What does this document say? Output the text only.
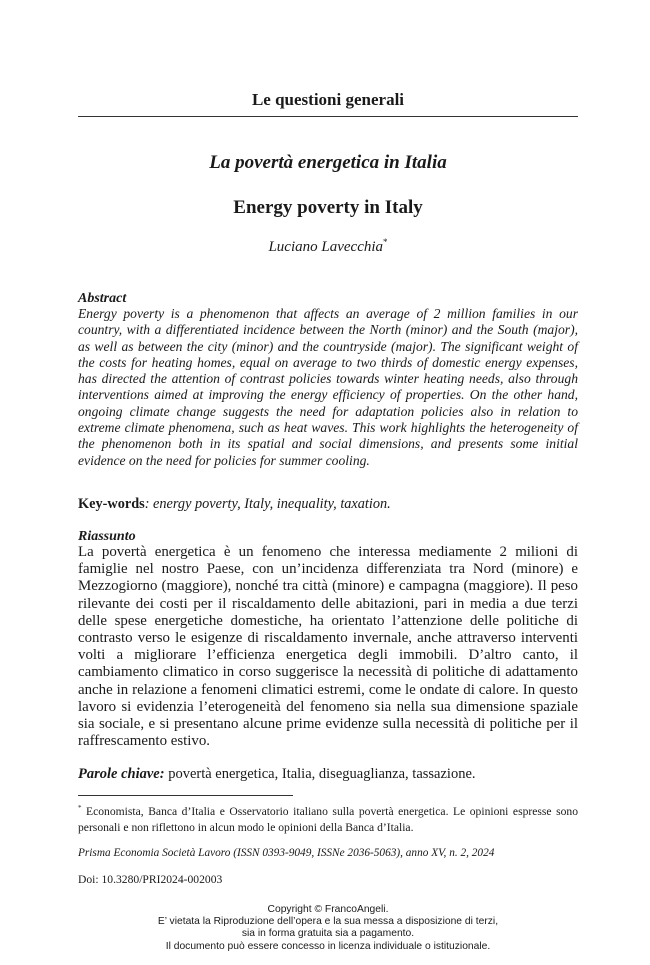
Le questioni generali
La povertà energetica in Italia
Energy poverty in Italy
Luciano Lavecchia*
Abstract
Energy poverty is a phenomenon that affects an average of 2 million families in our country, with a differentiated incidence between the North (minor) and the South (major), as well as between the city (minor) and the countryside (major). The significant weight of the costs for heating homes, equal on average to two thirds of domestic energy expenses, has directed the attention of contrast policies towards winter heating needs, also through interventions aimed at improving the energy efficiency of properties. On the other hand, ongoing climate change suggests the need for adaptation policies also in relation to extreme climate phenomena, such as heat waves. This work highlights the heterogeneity of the phenomenon both in its spatial and social dimensions, and presents some initial evidence on the need for policies for summer cooling.
Key-words: energy poverty, Italy, inequality, taxation.
Riassunto
La povertà energetica è un fenomeno che interessa mediamente 2 milioni di famiglie nel nostro Paese, con un’incidenza differenziata tra Nord (minore) e Mezzogiorno (maggiore), nonché tra città (minore) e campagna (maggiore). Il peso rilevante dei costi per il riscaldamento delle abitazioni, pari in media a due terzi delle spese energetiche domestiche, ha orientato l’attenzione delle politiche di contrasto verso le esigenze di riscaldamento invernale, anche attraverso interventi volti a migliorare l’efficienza energetica degli immobili. D’altro canto, il cambiamento climatico in corso suggerisce la necessità di politiche di adattamento anche in relazione a fenomeni climatici estremi, come le ondate di calore. In questo lavoro si evidenzia l’eterogeneità del fenomeno sia nella sua dimensione spaziale sia sociale, e si presentano alcune prime evidenze sulla necessità di politiche per il raffrescamento estivo.
Parole chiave: povertà energetica, Italia, diseguaglianza, tassazione.
* Economista, Banca d’Italia e Osservatorio italiano sulla povertà energetica. Le opinioni espresse sono personali e non riflettono in alcun modo le opinioni della Banca d’Italia.
Prisma Economia Società Lavoro (ISSN 0393-9049, ISSNe 2036-5063), anno XV, n. 2, 2024
Doi: 10.3280/PRI2024-002003
Copyright © FrancoAngeli.
E’ vietata la Riproduzione dell’opera e la sua messa a disposizione di terzi,
sia in forma gratuita sia a pagamento.
Il documento può essere concesso in licenza individuale o istituzionale.
